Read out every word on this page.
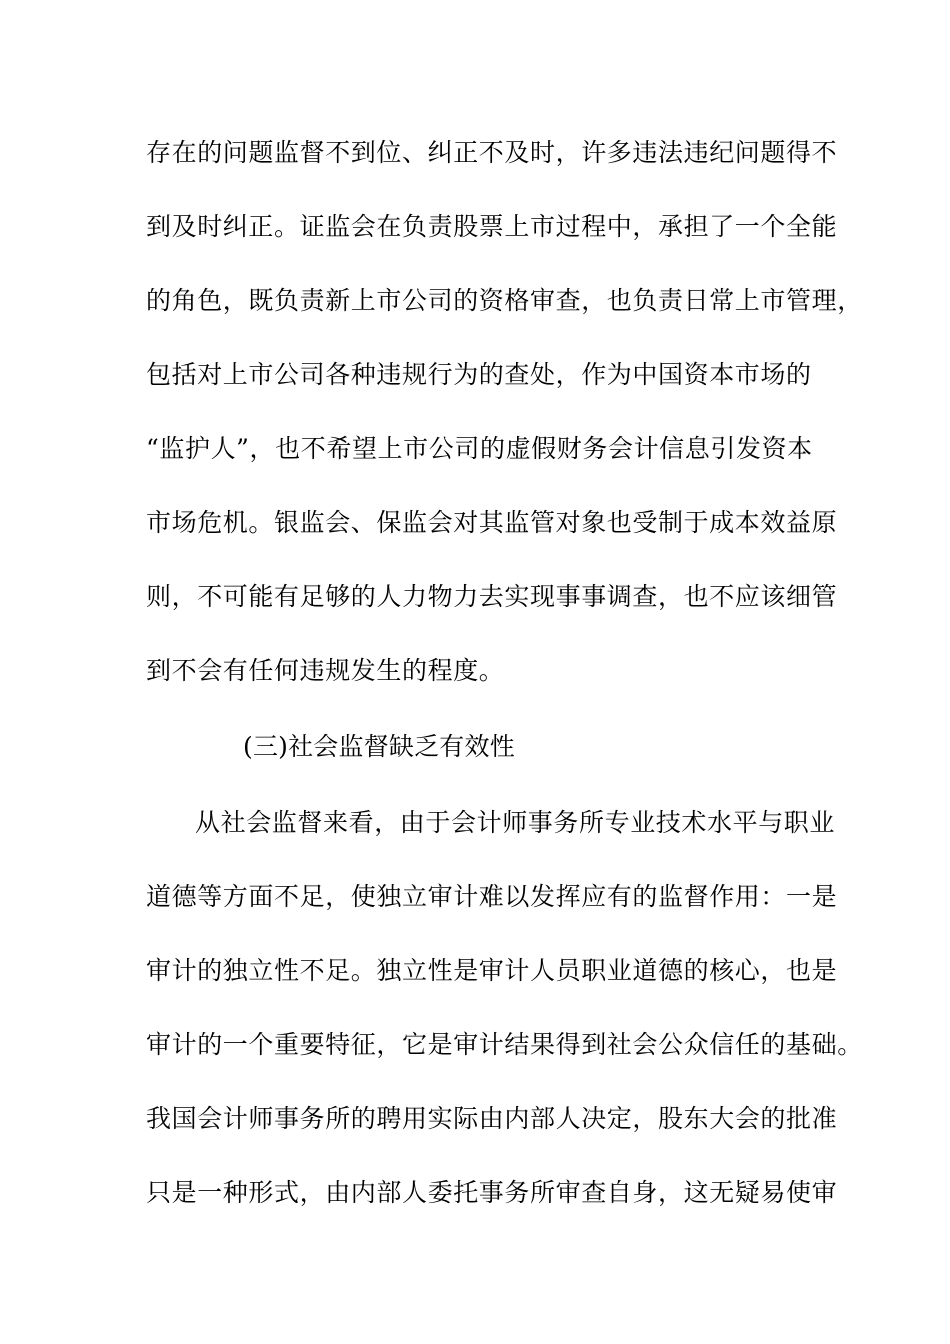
存在的问题监督不到位、纠正不及时，许多违法违纪问题得不
到及时纠正。证监会在负责股票上市过程中，承担了一个全能
的角色，既负责新上市公司的资格审查，也负责日常上市管理，
包括对上市公司各种违规行为的查处，作为中国资本市场的
“监护人”，也不希望上市公司的虚假财务会计信息引发资本
市场危机。银监会、保监会对其监管对象也受制于成本效益原
则，不可能有足够的人力物力去实现事事调查，也不应该细管
到不会有任何违规发生的程度。
(三)社会监督缺乏有效性
从社会监督来看，由于会计师事务所专业技术水平与职业
道德等方面不足，使独立审计难以发挥应有的监督作用：一是
审计的独立性不足。独立性是审计人员职业道德的核心，也是
审计的一个重要特征，它是审计结果得到社会公众信任的基础。
我国会计师事务所的聘用实际由内部人决定，股东大会的批准
只是一种形式，由内部人委托事务所审查自身，这无疑易使审
